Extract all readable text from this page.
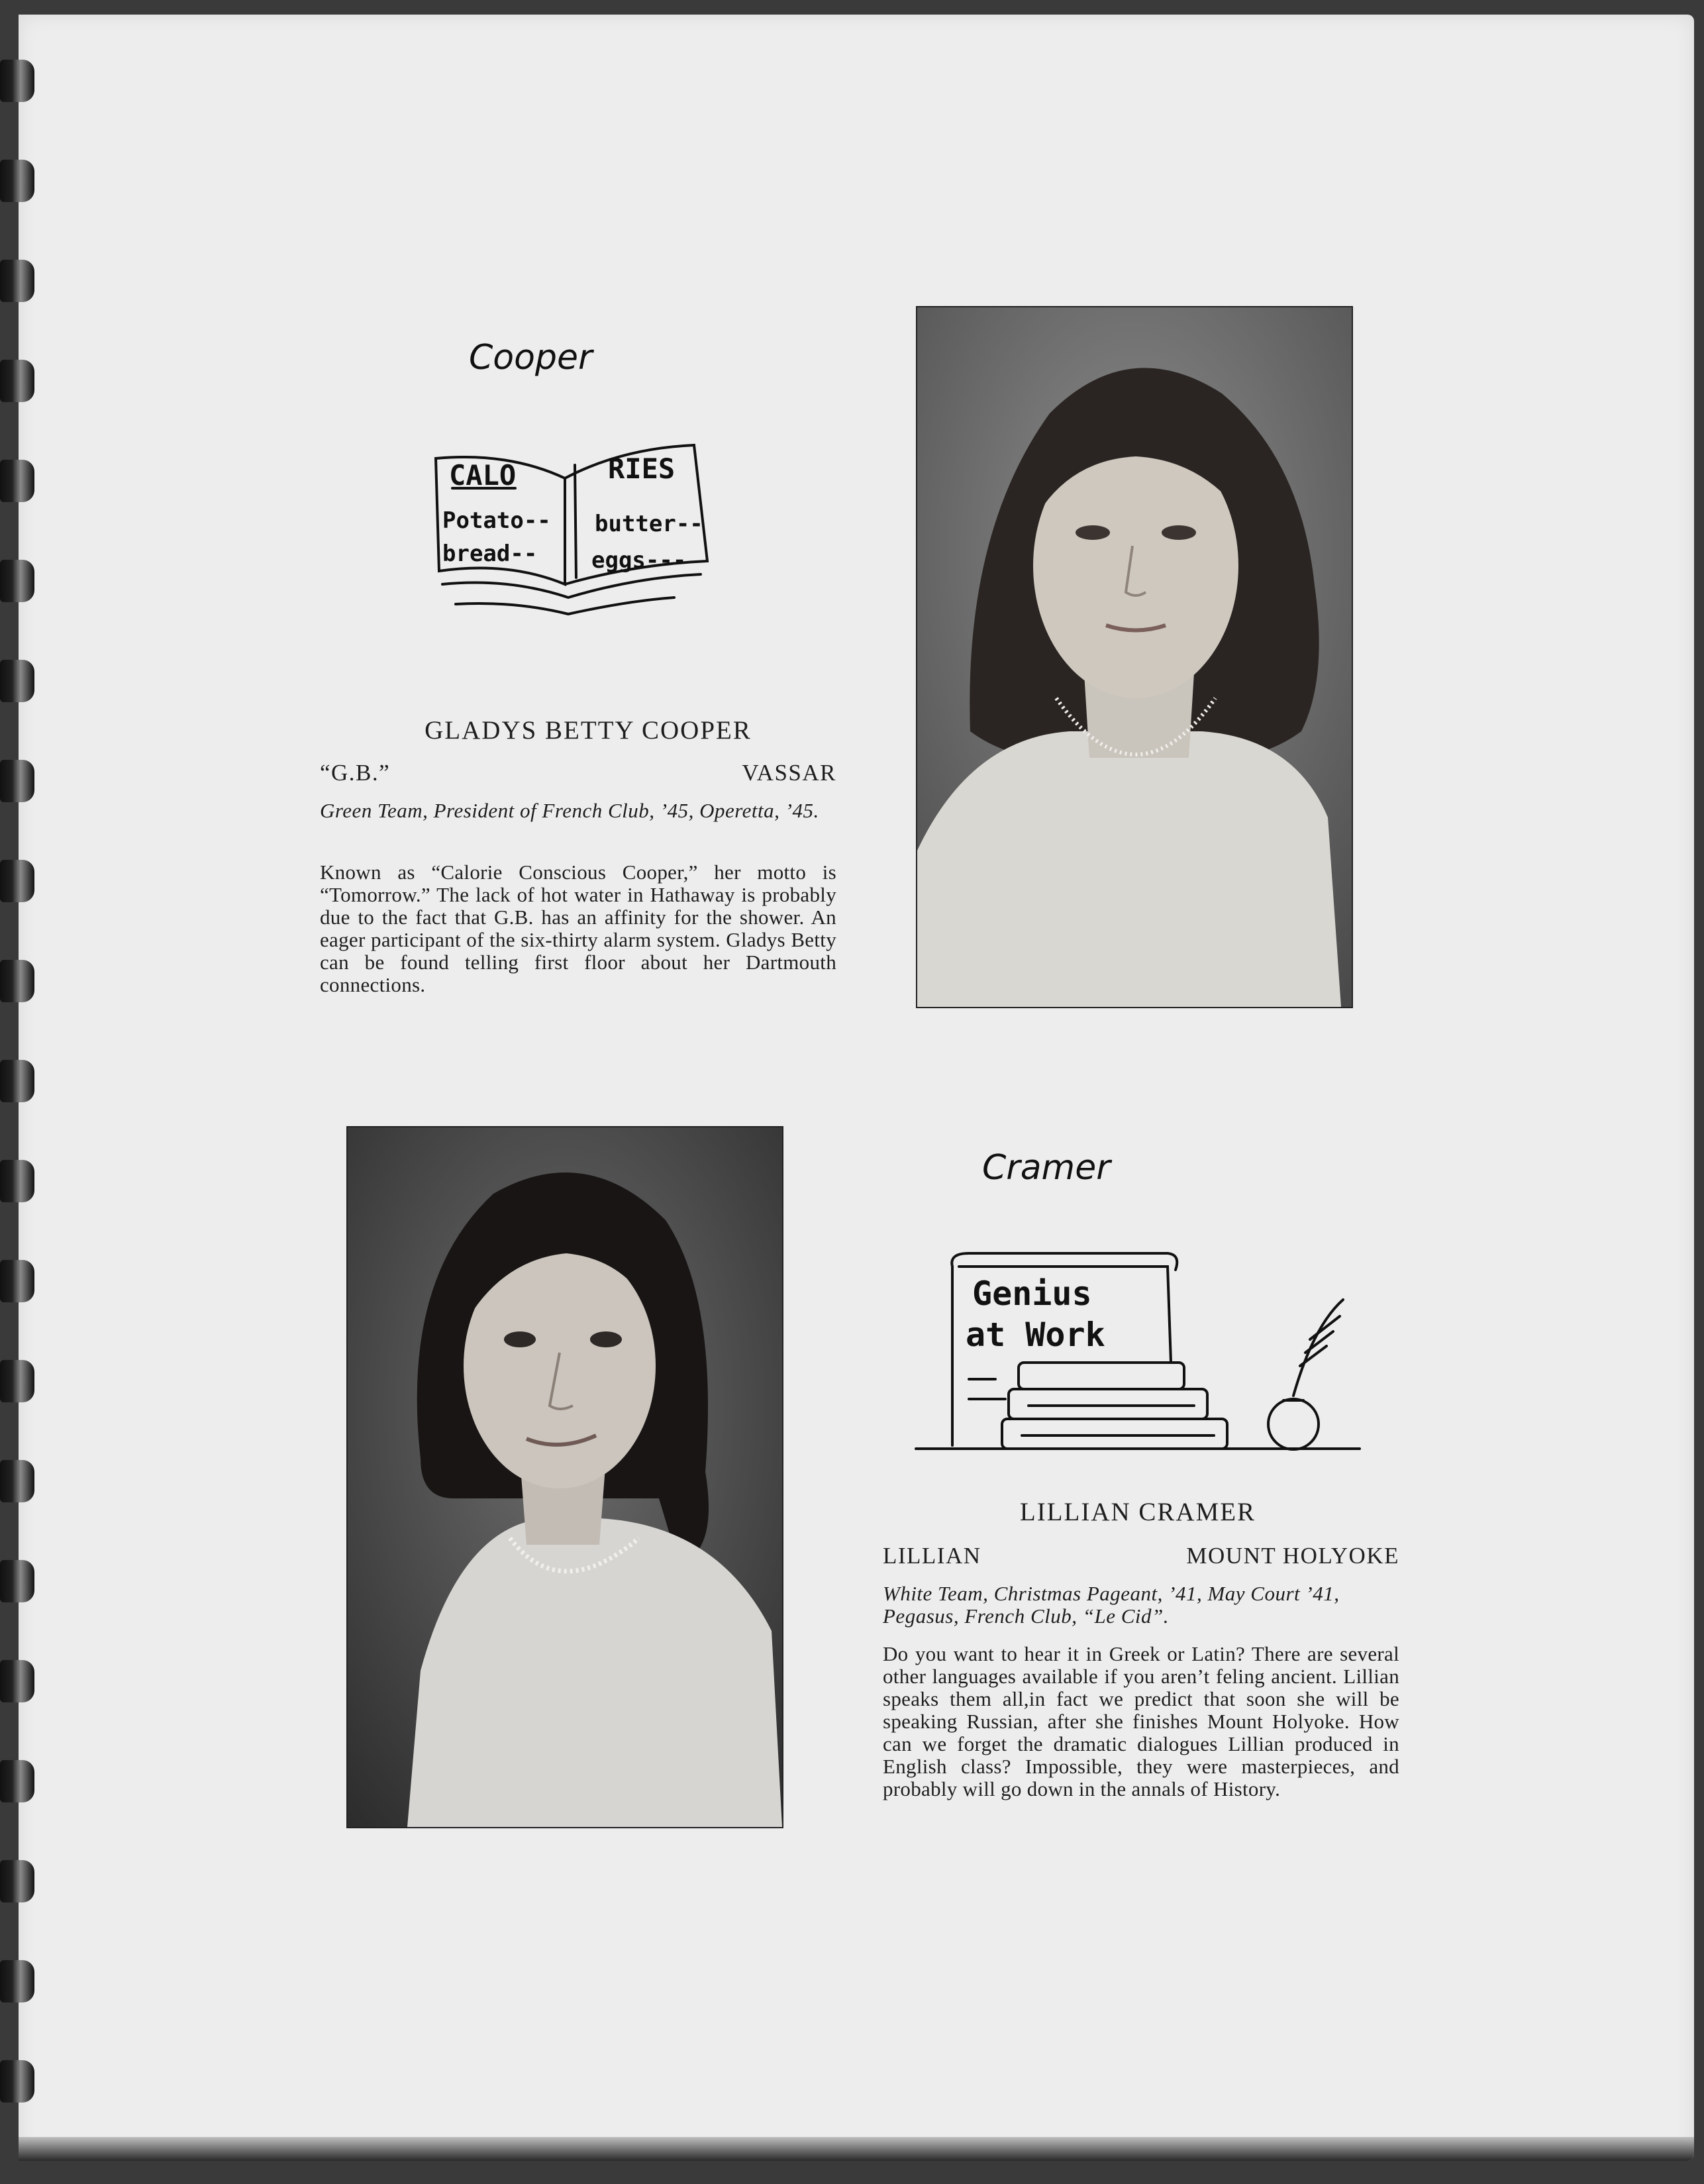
Cooper
CALO	RIES
Potato--
bread--
butter--
eggs---
GLADYS BETTY COOPER
“G.B.”	VASSAR
Green Team, President of French Club, ’45, Operetta, ’45.
Known as “Calorie Conscious Cooper,” her motto is “Tomorrow.” The lack of hot water in Hathaway is probably due to the fact that G.B. has an affinity for the shower. An eager participant of the six-thirty alarm system. Gladys Betty can be found telling first floor about her Dartmouth connections.
Cramer
Genius
at Work
LILLIAN CRAMER
LILLIAN	MOUNT HOLYOKE
White Team, Christmas Pageant, ’41, May Court ’41, Pegasus, French Club, “Le Cid”.
Do you want to hear it in Greek or Latin? There are several other languages available if you aren’t feling ancient. Lillian speaks them all,in fact we predict that soon she will be speaking Russian, after she finishes Mount Holyoke. How can we forget the dramatic dialogues Lillian produced in English class? Impossible, they were masterpieces, and probably will go down in the annals of History.
